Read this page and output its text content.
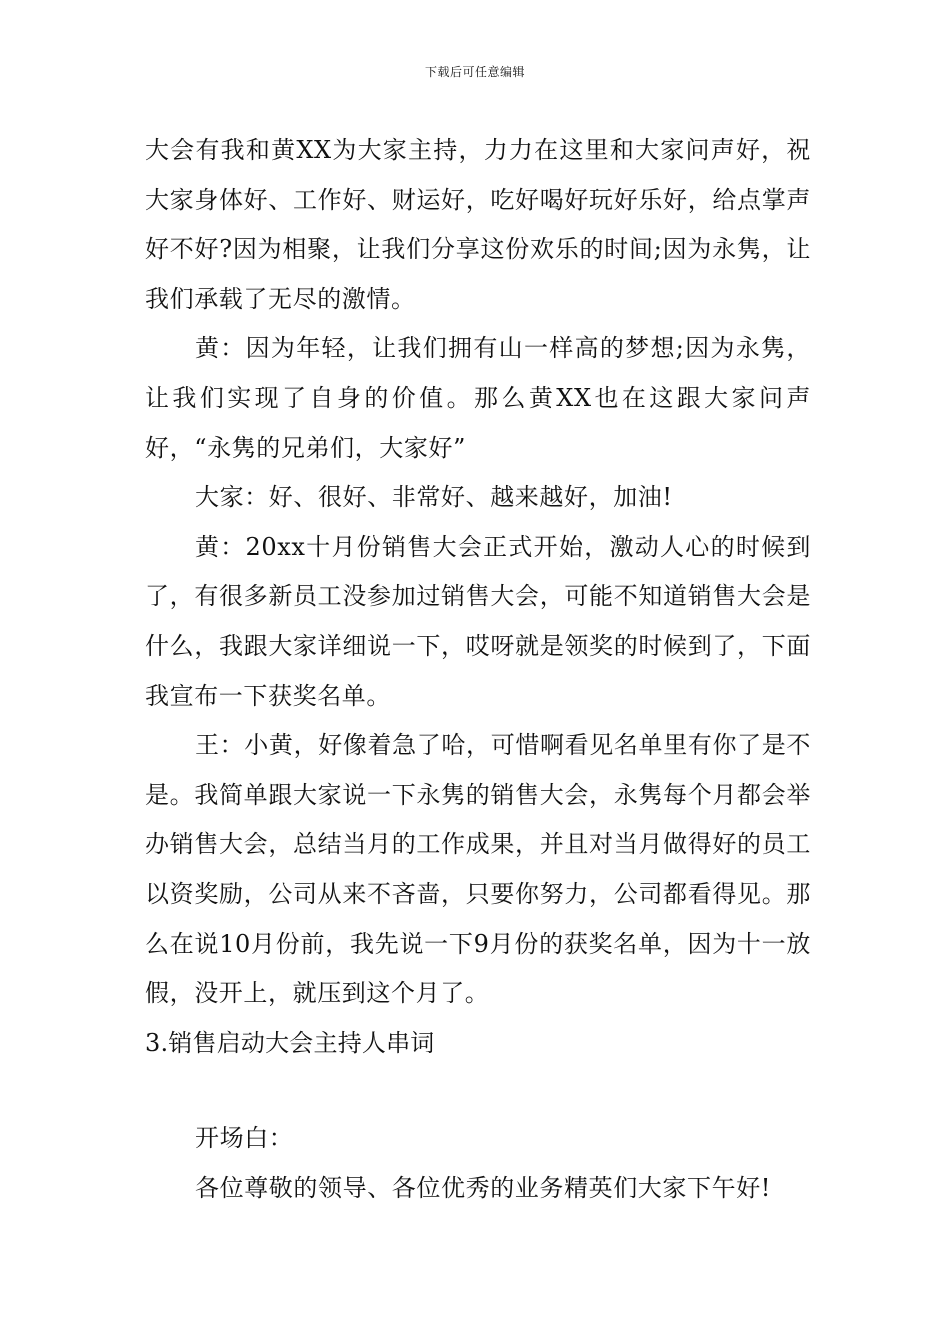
下载后可任意编辑

大会有我和黄XX为大家主持，力力在这里和大家问声好，祝大家身体好、工作好、财运好，吃好喝好玩好乐好，给点掌声好不好?因为相聚，让我们分享这份欢乐的时间;因为永隽，让我们承载了无尽的激情。

黄：因为年轻，让我们拥有山一样高的梦想;因为永隽，让我们实现了自身的价值。那么黄XX也在这跟大家问声好，“永隽的兄弟们，大家好”

大家：好、很好、非常好、越来越好，加油!

黄：20xx十月份销售大会正式开始，激动人心的时候到了，有很多新员工没参加过销售大会，可能不知道销售大会是什么，我跟大家详细说一下，哎呀就是领奖的时候到了，下面我宣布一下获奖名单。

王：小黄，好像着急了哈，可惜啊看见名单里有你了是不是。我简单跟大家说一下永隽的销售大会，永隽每个月都会举办销售大会，总结当月的工作成果，并且对当月做得好的员工以资奖励，公司从来不吝啬，只要你努力，公司都看得见。那么在说10月份前，我先说一下9月份的获奖名单，因为十一放假，没开上，就压到这个月了。

3.销售启动大会主持人串词

开场白：

各位尊敬的领导、各位优秀的业务精英们大家下午好!
